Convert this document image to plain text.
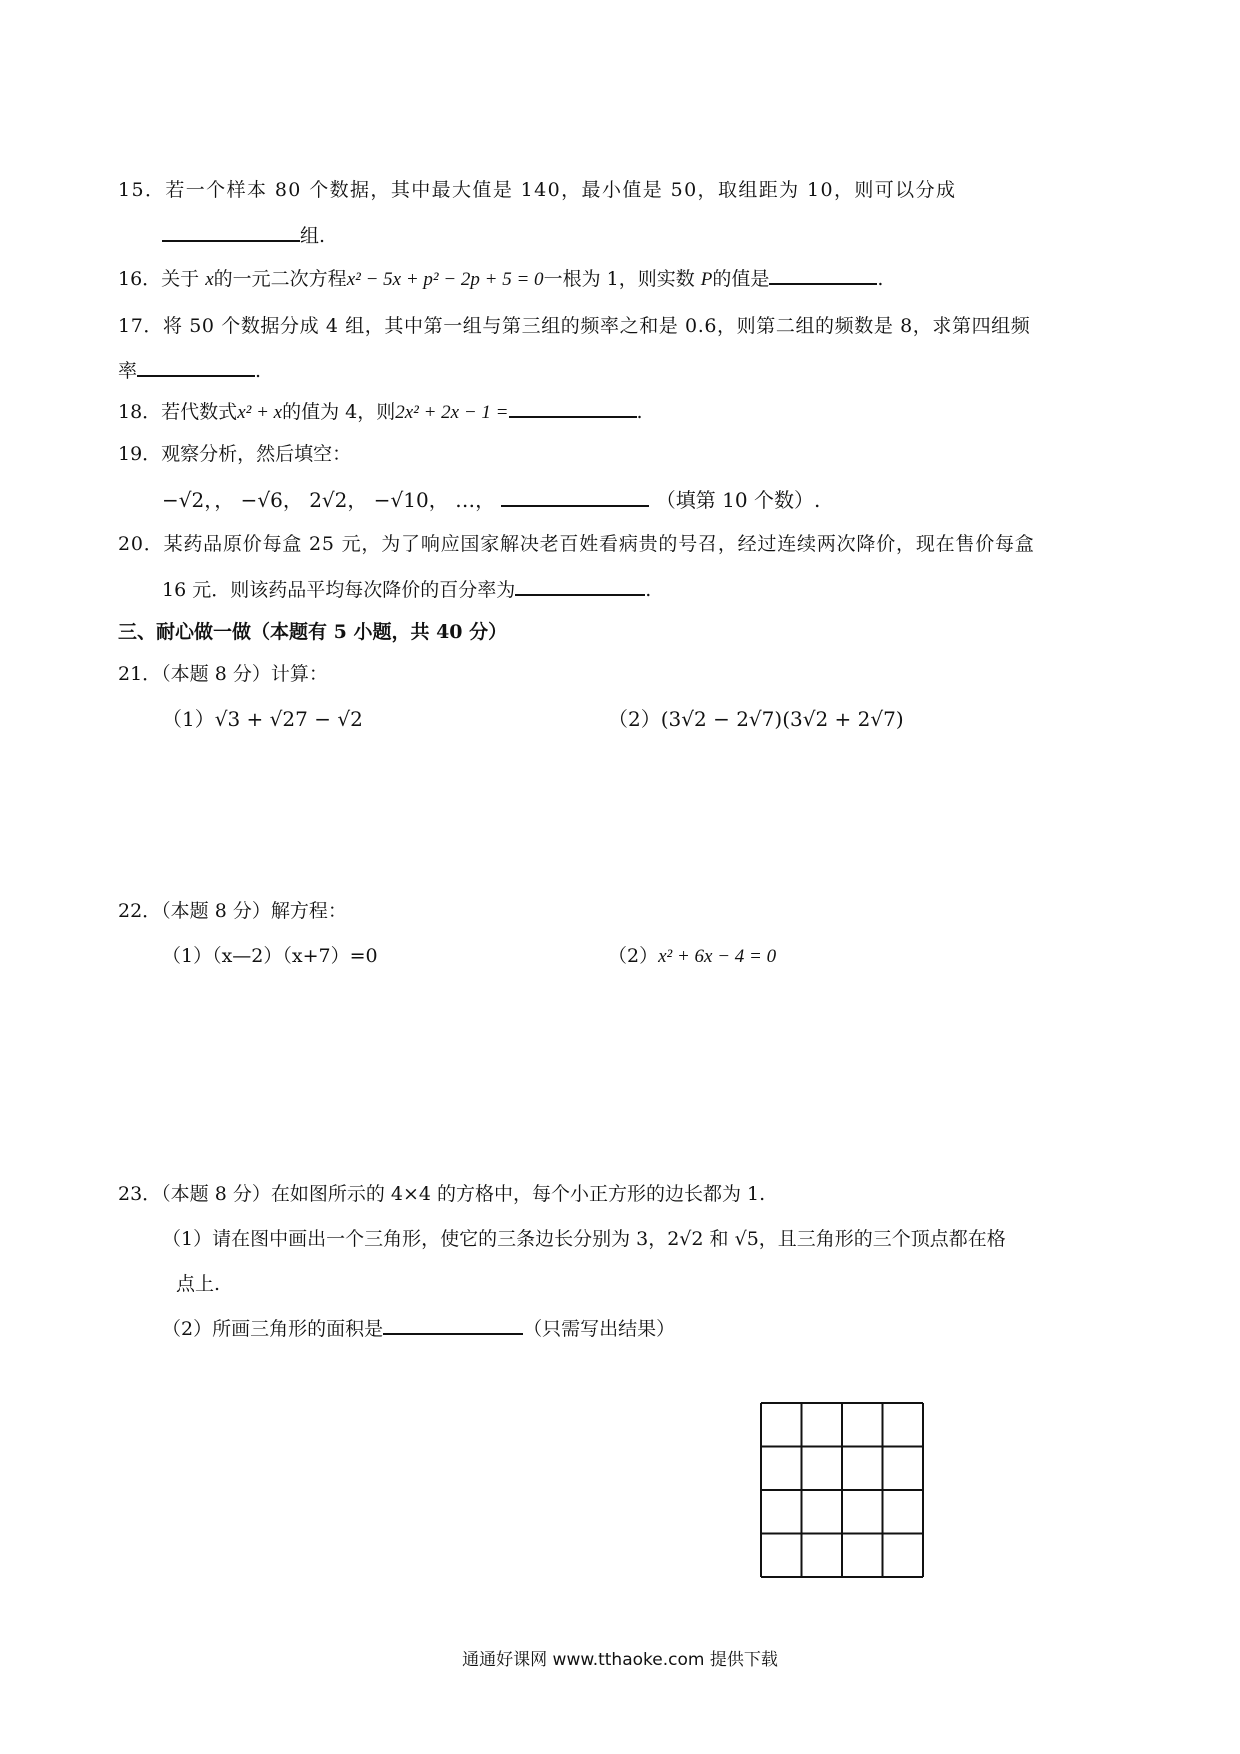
15．若一个样本 80 个数据，其中最大值是 140，最小值是 50，取组距为 10，则可以分成
组.
16．关于 x的一元二次方程x² − 5x + p² − 2p + 5 = 0一根为 1，则实数 P的值是	.
17．将 50 个数据分成 4 组，其中第一组与第三组的频率之和是 0.6，则第二组的频数是 8，求第四组频
率	.
18．若代数式x² + x的值为 4，则2x² + 2x − 1 =	.
19．观察分析，然后填空：
−√2，， −√6， 2√2， −√10， …，	（填第 10 个数）.
20．某药品原价每盒 25 元，为了响应国家解决老百姓看病贵的号召，经过连续两次降价，现在售价每盒
16 元．则该药品平均每次降价的百分率为	.
三、耐心做一做（本题有 5 小题，共 40 分）
21．（本题 8 分）计算：
（1）√3 + √27 − √2	（2）(3√2 − 2√7)(3√2 + 2√7)
22．（本题 8 分）解方程：
（1）（x—2）（x+7）=0	（2）x² + 6x − 4 = 0
23．（本题 8 分）在如图所示的 4×4 的方格中，每个小正方形的边长都为 1.
（1）请在图中画出一个三角形，使它的三条边长分别为 3，2√2 和 √5，且三角形的三个顶点都在格
点上.
（2）所画三角形的面积是	（只需写出结果）
通通好课网 www.tthaoke.com 提供下载
